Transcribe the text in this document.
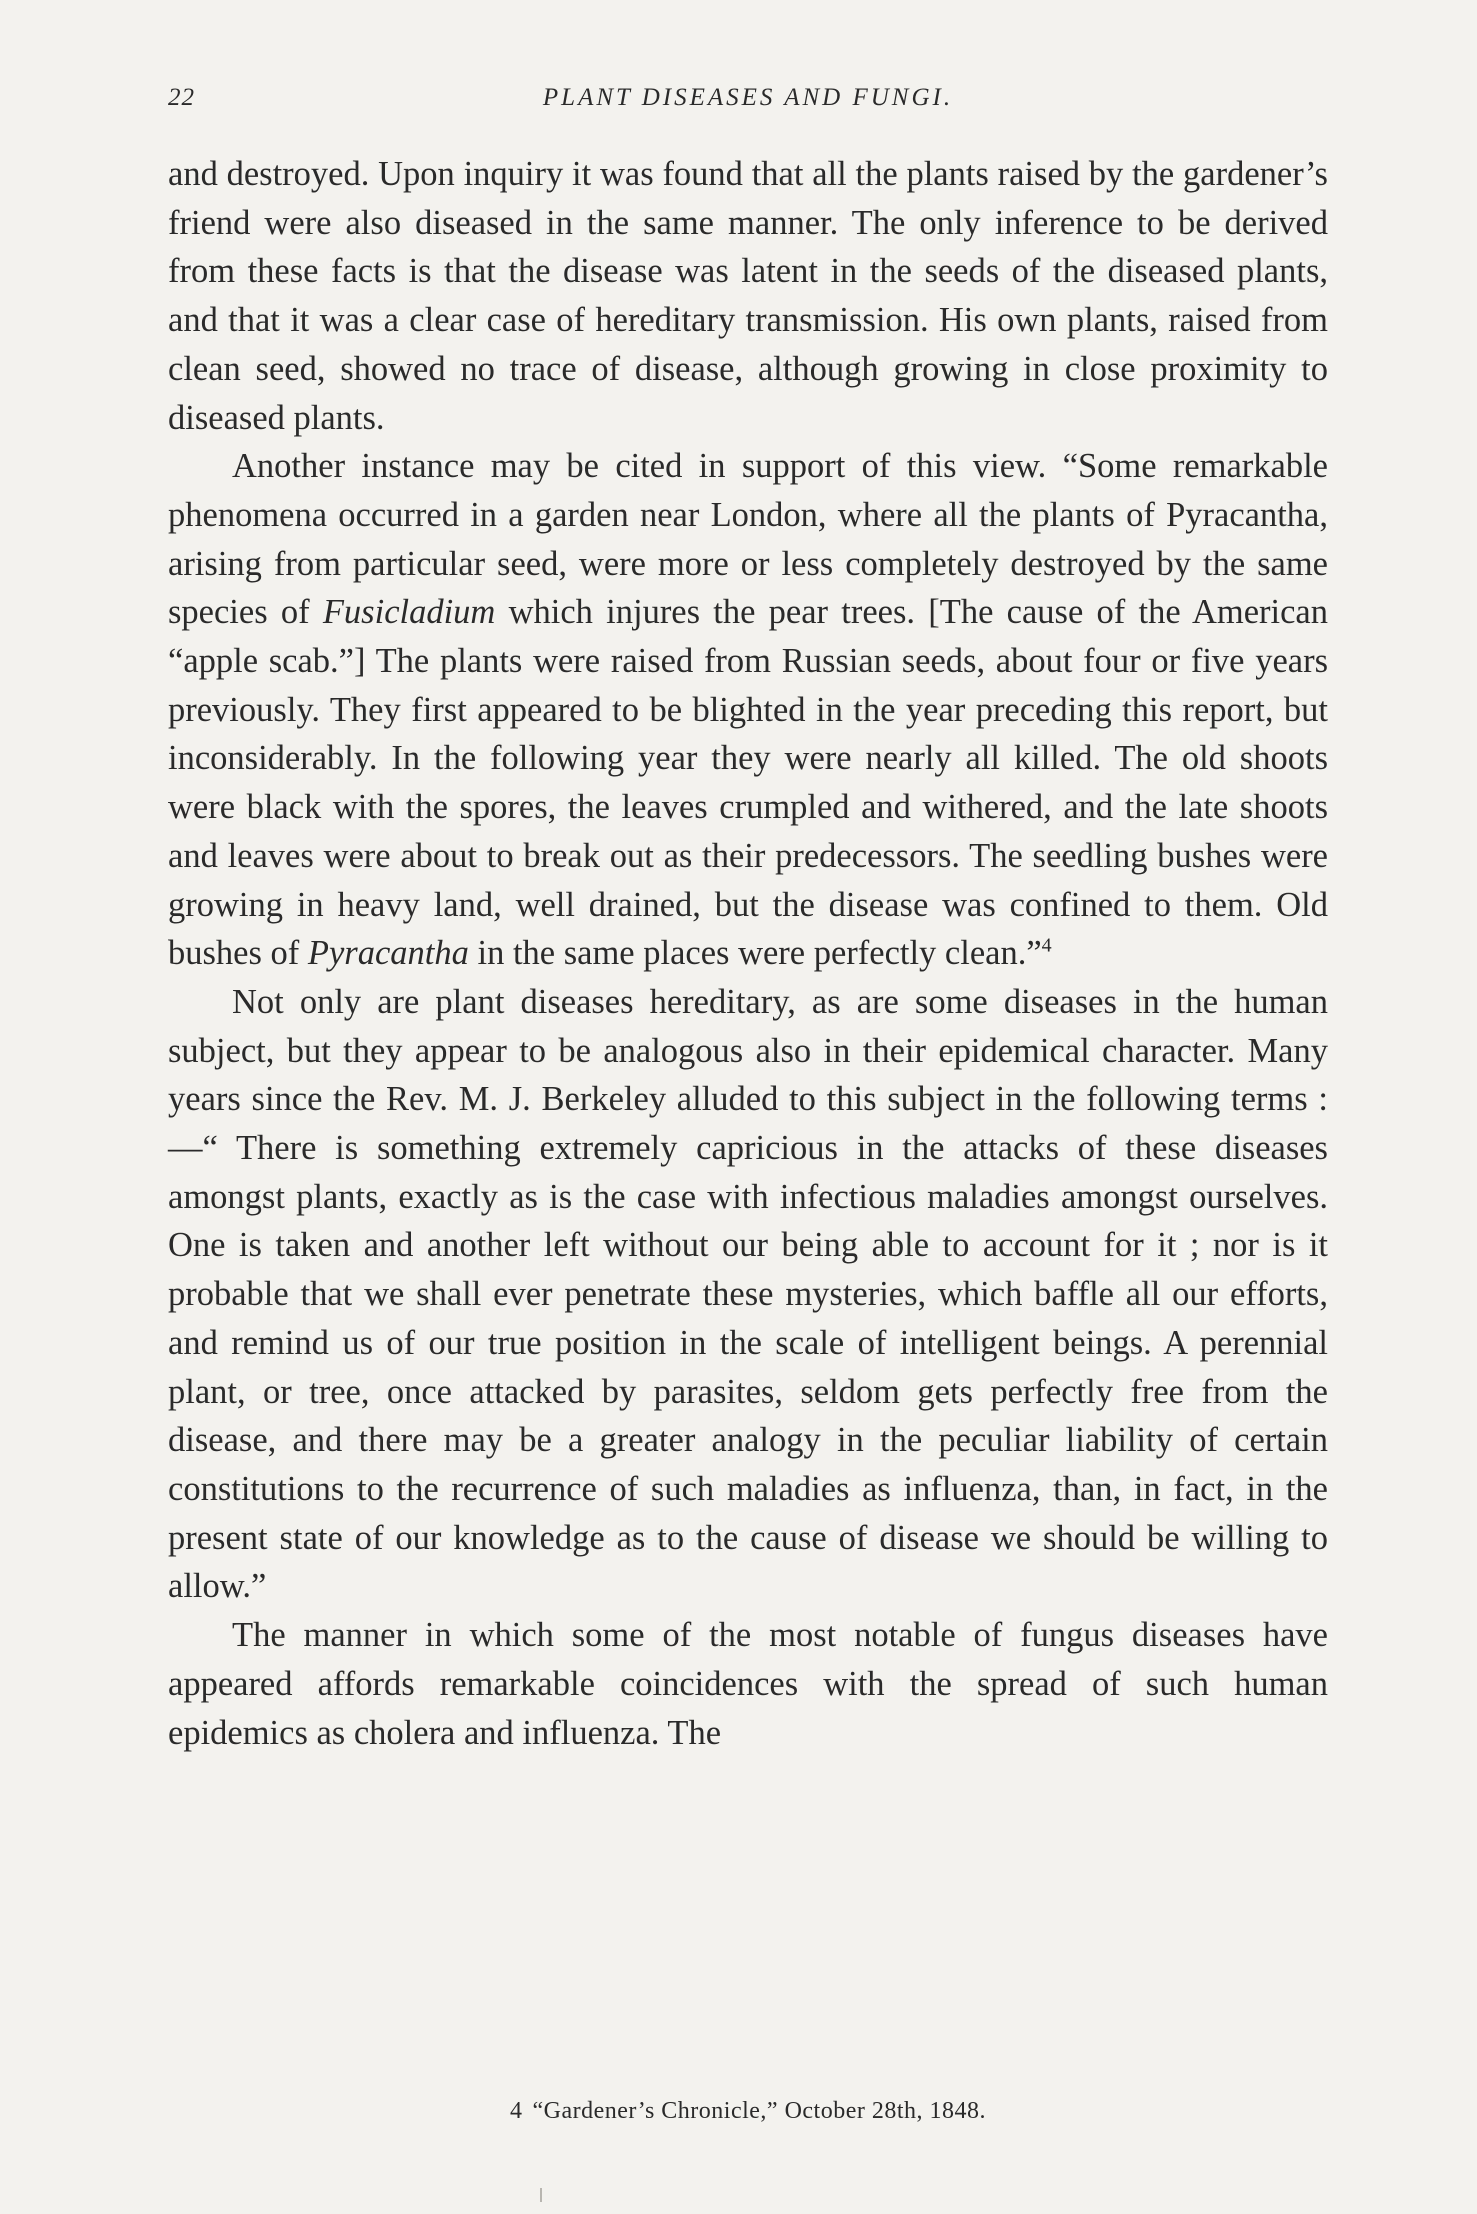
22	PLANT DISEASES AND FUNGI.

and destroyed. Upon inquiry it was found that all the plants raised by the gardener’s friend were also diseased in the same manner. The only inference to be derived from these facts is that the disease was latent in the seeds of the diseased plants, and that it was a clear case of hereditary transmission. His own plants, raised from clean seed, showed no trace of disease, although growing in close proximity to diseased plants.

Another instance may be cited in support of this view. “Some remarkable phenomena occurred in a garden near London, where all the plants of Pyracantha, arising from particular seed, were more or less completely destroyed by the same species of Fusicladium which injures the pear trees. [The cause of the American “apple scab.”] The plants were raised from Russian seeds, about four or five years previously. They first appeared to be blighted in the year preceding this report, but inconsiderably. In the following year they were nearly all killed. The old shoots were black with the spores, the leaves crumpled and withered, and the late shoots and leaves were about to break out as their predecessors. The seedling bushes were growing in heavy land, well drained, but the disease was confined to them. Old bushes of Pyracantha in the same places were perfectly clean.”$^4$

Not only are plant diseases hereditary, as are some diseases in the human subject, but they appear to be analogous also in their epidemical character. Many years since the Rev. M. J. Berkeley alluded to this subject in the following terms :—“ There is something extremely capricious in the attacks of these diseases amongst plants, exactly as is the case with infectious maladies amongst ourselves. One is taken and another left without our being able to account for it ; nor is it probable that we shall ever penetrate these mysteries, which baffle all our efforts, and remind us of our true position in the scale of intelligent beings. A perennial plant, or tree, once attacked by parasites, seldom gets perfectly free from the disease, and there may be a greater analogy in the peculiar liability of certain constitutions to the recurrence of such maladies as influenza, than, in fact, in the present state of our knowledge as to the cause of disease we should be willing to allow.”

The manner in which some of the most notable of fungus diseases have appeared affords remarkable coincidences with the spread of such human epidemics as cholera and influenza. The

4 “Gardener’s Chronicle,” October 28th, 1848.
